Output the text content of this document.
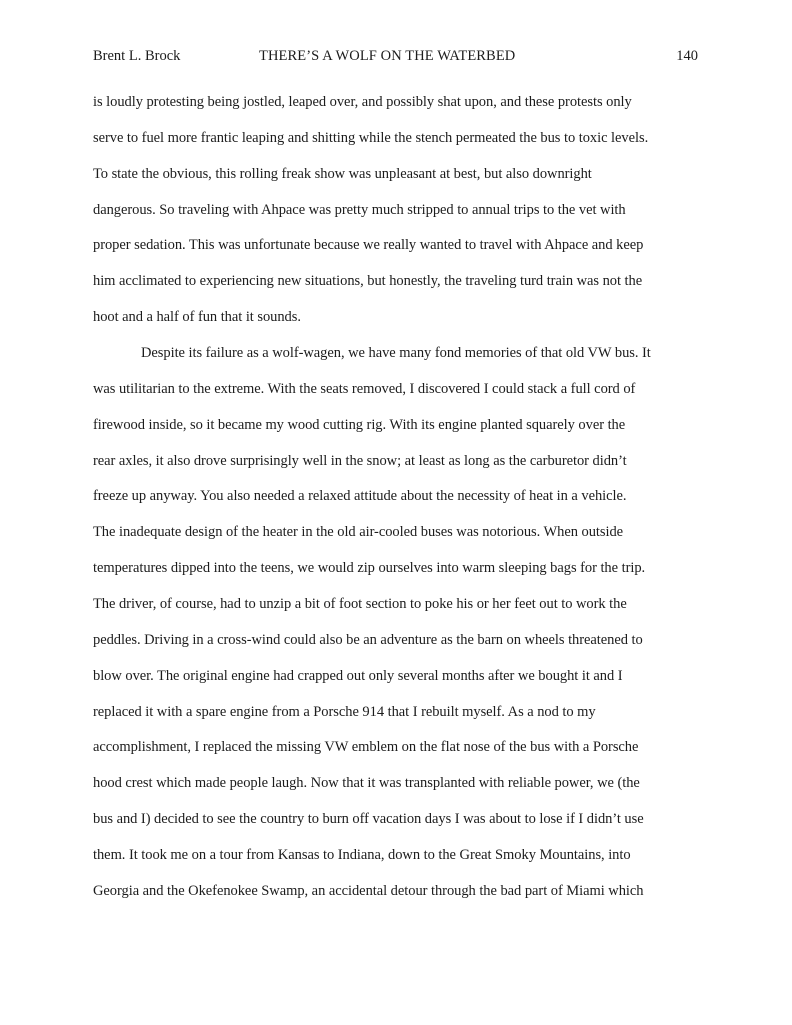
Brent L. Brock	THERE’S A WOLF ON THE WATERBED	140
is loudly protesting being jostled, leaped over, and possibly shat upon, and these protests only
serve to fuel more frantic leaping and shitting while the stench permeated the bus to toxic levels.
To state the obvious, this rolling freak show was unpleasant at best, but also downright
dangerous. So traveling with Ahpace was pretty much stripped to annual trips to the vet with
proper sedation. This was unfortunate because we really wanted to travel with Ahpace and keep
him acclimated to experiencing new situations, but honestly, the traveling turd train was not the
hoot and a half of fun that it sounds.
Despite its failure as a wolf-wagen, we have many fond memories of that old VW bus. It
was utilitarian to the extreme. With the seats removed, I discovered I could stack a full cord of
firewood inside, so it became my wood cutting rig. With its engine planted squarely over the
rear axles, it also drove surprisingly well in the snow; at least as long as the carburetor didn’t
freeze up anyway. You also needed a relaxed attitude about the necessity of heat in a vehicle.
The inadequate design of the heater in the old air-cooled buses was notorious. When outside
temperatures dipped into the teens, we would zip ourselves into warm sleeping bags for the trip.
The driver, of course, had to unzip a bit of foot section to poke his or her feet out to work the
peddles. Driving in a cross-wind could also be an adventure as the barn on wheels threatened to
blow over. The original engine had crapped out only several months after we bought it and I
replaced it with a spare engine from a Porsche 914 that I rebuilt myself. As a nod to my
accomplishment, I replaced the missing VW emblem on the flat nose of the bus with a Porsche
hood crest which made people laugh. Now that it was transplanted with reliable power, we (the
bus and I) decided to see the country to burn off vacation days I was about to lose if I didn’t use
them. It took me on a tour from Kansas to Indiana, down to the Great Smoky Mountains, into
Georgia and the Okefenokee Swamp, an accidental detour through the bad part of Miami which
